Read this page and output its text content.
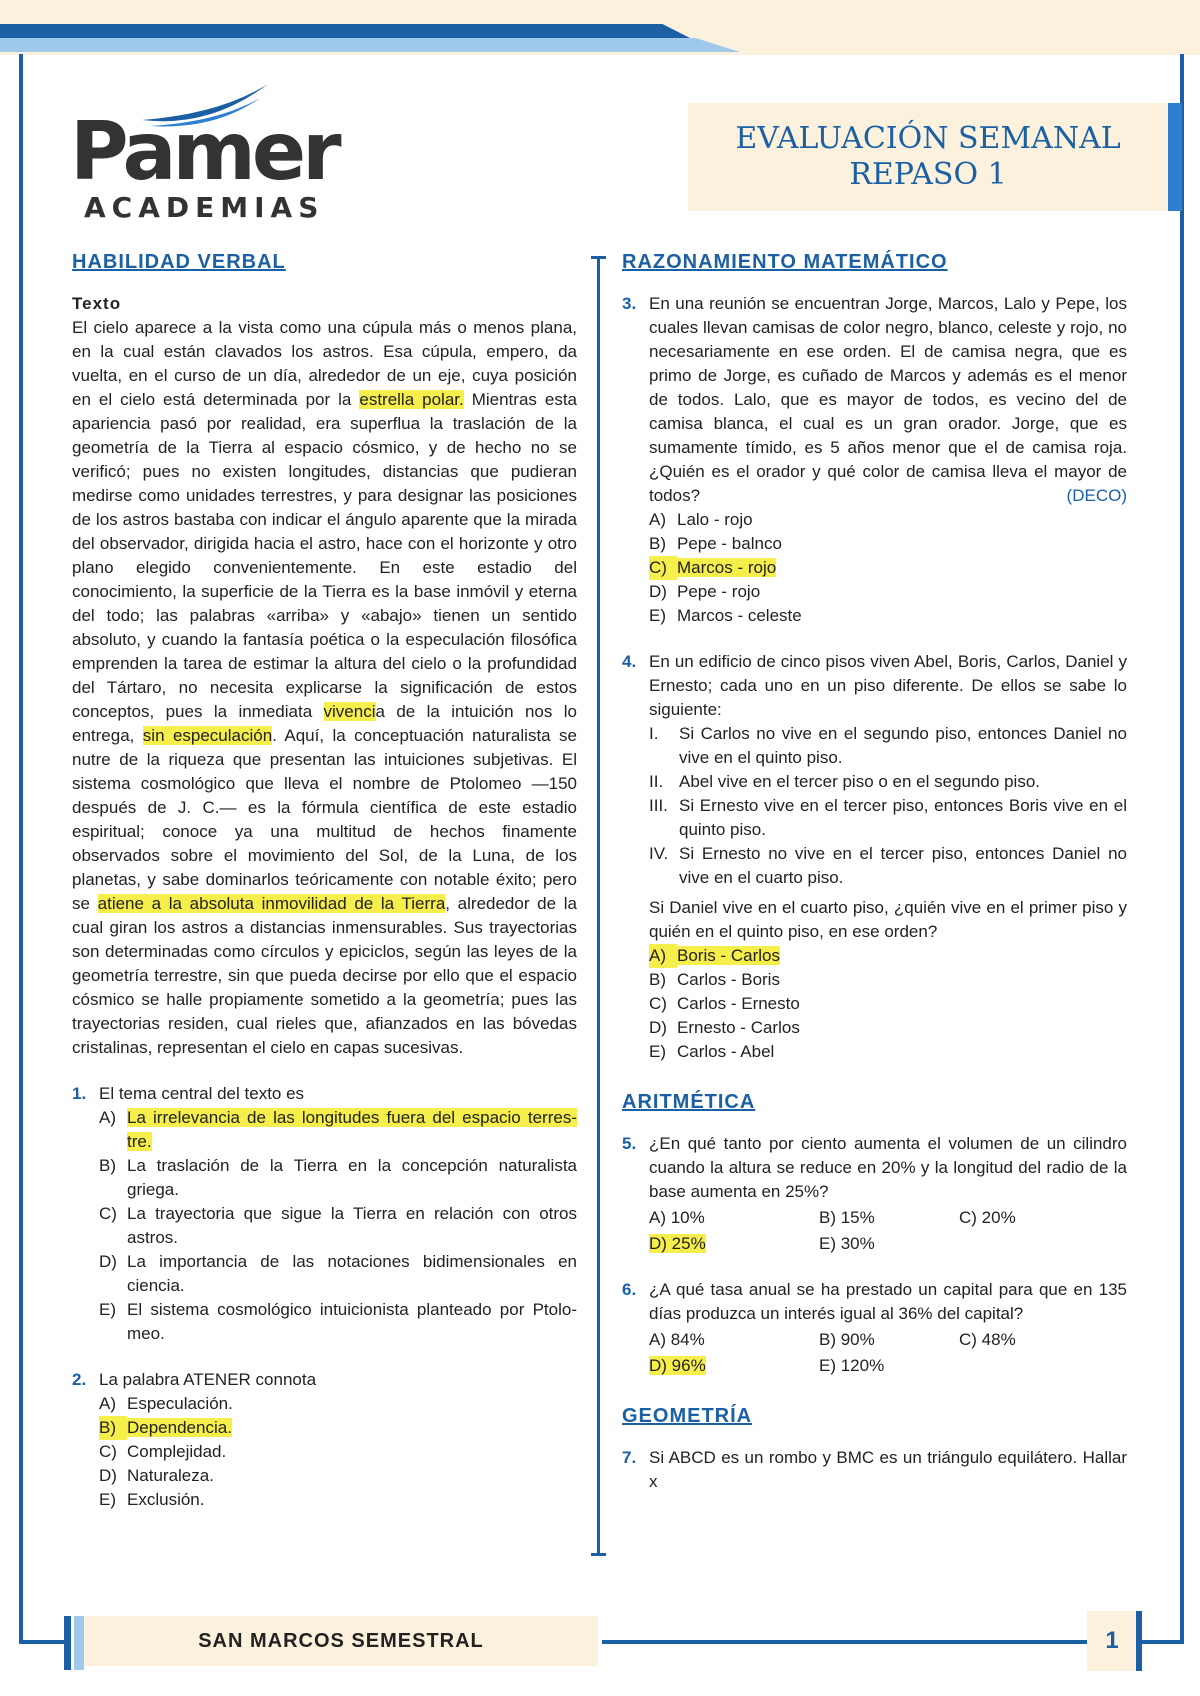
Pamer
ACADEMIAS
EVALUACIÓN SEMANAL
REPASO 1
HABILIDAD VERBAL
Texto

El cielo aparece a la vista como una cúpula más o menos plana, en la cual están clavados los astros. Esa cúpula, empero, da vuelta, en el curso de un día, alrededor de un eje, cuya posición en el cielo está determinada por la estrella polar. Mientras esta apariencia pasó por realidad, era superflua la traslación de la geometría de la Tierra al espacio cósmico, y de hecho no se verificó; pues no existen longitudes, distancias que pudieran medirse como unidades terrestres, y para designar las posiciones de los astros bastaba con indicar el ángulo aparente que la mirada del observador, dirigida hacia el astro, hace con el horizonte y otro plano elegido convenientemente. En este estadio del conocimiento, la superficie de la Tierra es la base inmóvil y eterna del todo; las palabras «arriba» y «abajo» tienen un sentido absoluto, y cuando la fantasía poética o la especulación filosófica emprenden la tarea de estimar la altura del cielo o la profundidad del Tártaro, no necesita explicarse la significación de estos conceptos, pues la inmediata vivencia de la intuición nos lo entrega, sin especulación. Aquí, la conceptuación naturalista se nutre de la riqueza que presentan las intuiciones subjetivas. El sistema cosmológico que lleva el nombre de Ptolomeo —150 después de J. C.— es la fórmula científica de este estadio espiritual; conoce ya una multitud de hechos finamente observados sobre el movimiento del Sol, de la Luna, de los planetas, y sabe dominarlos teóricamente con notable éxito; pero se atiene a la absoluta inmovilidad de la Tierra, alrededor de la cual giran los astros a distancias inmensurables. Sus trayectorias son determinadas como círculos y epiciclos, según las leyes de la geometría terrestre, sin que pueda decirse por ello que el espacio cósmico se halle propiamente sometido a la geometría; pues las trayectorias residen, cual rieles que, afianzados en las bóvedas cristalinas, representan el cielo en capas sucesivas.

1. El tema central del texto es
A) La irrelevancia de las longitudes fuera del espacio terres-tre.
B) La traslación de la Tierra en la concepción naturalista griega.
C) La trayectoria que sigue la Tierra en relación con otros astros.
D) La importancia de las notaciones bidimensionales en ciencia.
E) El sistema cosmológico intuicionista planteado por Ptolo-meo.
2. La palabra ATENER connota
A) Especulación.
B) Dependencia.
C) Complejidad.
D) Naturaleza.
E) Exclusión.
RAZONAMIENTO MATEMÁTICO
3. En una reunión se encuentran Jorge, Marcos, Lalo y Pepe, los cuales llevan camisas de color negro, blanco, celeste y rojo, no necesariamente en ese orden. El de camisa negra, que es primo de Jorge, es cuñado de Marcos y además es el menor de todos. Lalo, que es mayor de todos, es vecino del de camisa blanca, el cual es un gran orador. Jorge, que es sumamente tímido, es 5 años menor que el de camisa roja. ¿Quién es el orador y qué color de camisa lleva el mayor de todos?	(DECO)
A) Lalo - rojo
B) Pepe - balnco
C) Marcos - rojo
D) Pepe - rojo
E) Marcos - celeste
4. En un edificio de cinco pisos viven Abel, Boris, Carlos, Daniel y Ernesto; cada uno en un piso diferente. De ellos se sabe lo siguiente:
I.	Si Carlos no vive en el segundo piso, entonces Daniel no vive en el quinto piso.
II. Abel vive en el tercer piso o en el segundo piso.
III. Si Ernesto vive en el tercer piso, entonces Boris vive en el quinto piso.
IV. Si Ernesto no vive en el tercer piso, entonces Daniel no vive en el cuarto piso.
Si Daniel vive en el cuarto piso, ¿quién vive en el primer piso y quién en el quinto piso, en ese orden?
A) Boris - Carlos
B) Carlos - Boris
C) Carlos - Ernesto
D) Ernesto - Carlos
E) Carlos - Abel
ARITMÉTICA
5. ¿En qué tanto por ciento aumenta el volumen de un cilindro cuando la altura se reduce en 20% y la longitud del radio de la base aumenta en 25%?
A) 10%	B) 15%	C) 20%
D) 25%	E) 30%
6. ¿A qué tasa anual se ha prestado un capital para que en 135 días produzca un interés igual al 36% del capital?
A) 84%	B) 90%	C) 48%
D) 96%	E) 120%
GEOMETRÍA
7. Si ABCD es un rombo y BMC es un triángulo equilátero. Hallar x
SAN MARCOS SEMESTRAL	1
